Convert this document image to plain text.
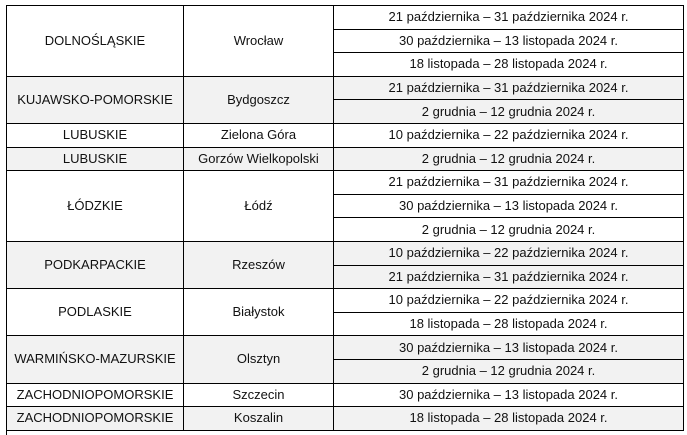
DOLNOŚLĄSKIE	Wrocław	21 października – 31 października 2024 r.
		30 października – 13 listopada 2024 r.
		18 listopada – 28 listopada 2024 r.
KUJAWSKO-POMORSKIE	Bydgoszcz	21 października – 31 października 2024 r.
		2 grudnia – 12 grudnia 2024 r.
LUBUSKIE	Zielona Góra	10 października – 22 października 2024 r.
LUBUSKIE	Gorzów Wielkopolski	2 grudnia – 12 grudnia 2024 r.
ŁÓDZKIE	Łódź	21 października – 31 października 2024 r.
		30 października – 13 listopada 2024 r.
		2 grudnia – 12 grudnia 2024 r.
PODKARPACKIE	Rzeszów	10 października – 22 października 2024 r.
		21 października – 31 października 2024 r.
PODLASKIE	Białystok	10 października – 22 października 2024 r.
		18 listopada – 28 listopada 2024 r.
WARMIŃSKO-MAZURSKIE	Olsztyn	30 października – 13 listopada 2024 r.
		2 grudnia – 12 grudnia 2024 r.
ZACHODNIOPOMORSKIE	Szczecin	30 października – 13 listopada 2024 r.
ZACHODNIOPOMORSKIE	Koszalin	18 listopada – 28 listopada 2024 r.
